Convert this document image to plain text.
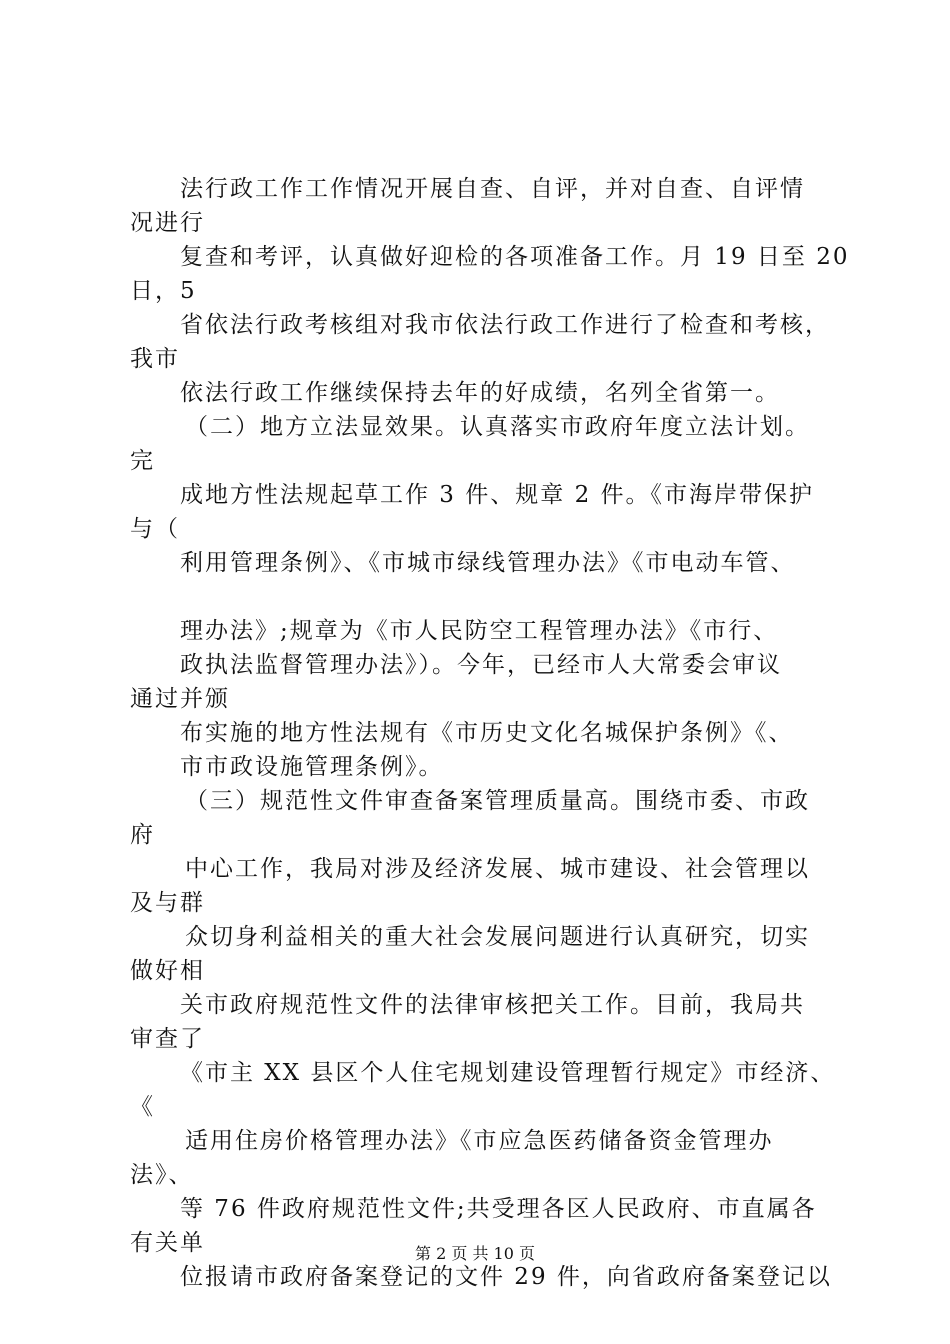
法行政工作工作情况开展自查、自评，并对自查、自评情
况进行
复查和考评，认真做好迎检的各项准备工作。月 19 日至 20
日，5
省依法行政考核组对我市依法行政工作进行了检查和考核，
我市
依法行政工作继续保持去年的好成绩，名列全省第一。
（二）地方立法显效果。认真落实市政府年度立法计划。
完
成地方性法规起草工作 3 件、规章 2 件。《市海岸带保护
与（
利用管理条例》、《市城市绿线管理办法》《市电动车管、
理办法》;规章为《市人民防空工程管理办法》《市行、
政执法监督管理办法》）。今年，已经市人大常委会审议
通过并颁
布实施的地方性法规有《市历史文化名城保护条例》《、
市市政设施管理条例》。
（三）规范性文件审查备案管理质量高。围绕市委、市政
府
中心工作，我局对涉及经济发展、城市建设、社会管理以
及与群
众切身利益相关的重大社会发展问题进行认真研究，切实
做好相
关市政府规范性文件的法律审核把关工作。目前，我局共
审查了
《市主 XX 县区个人住宅规划建设管理暂行规定》市经济、
《
适用住房价格管理办法》《市应急医药储备资金管理办
法》、
等 76 件政府规范性文件;共受理各区人民政府、市直属各
有关单
位报请市政府备案登记的文件 29 件，向省政府备案登记以
第 2 页 共 10 页
